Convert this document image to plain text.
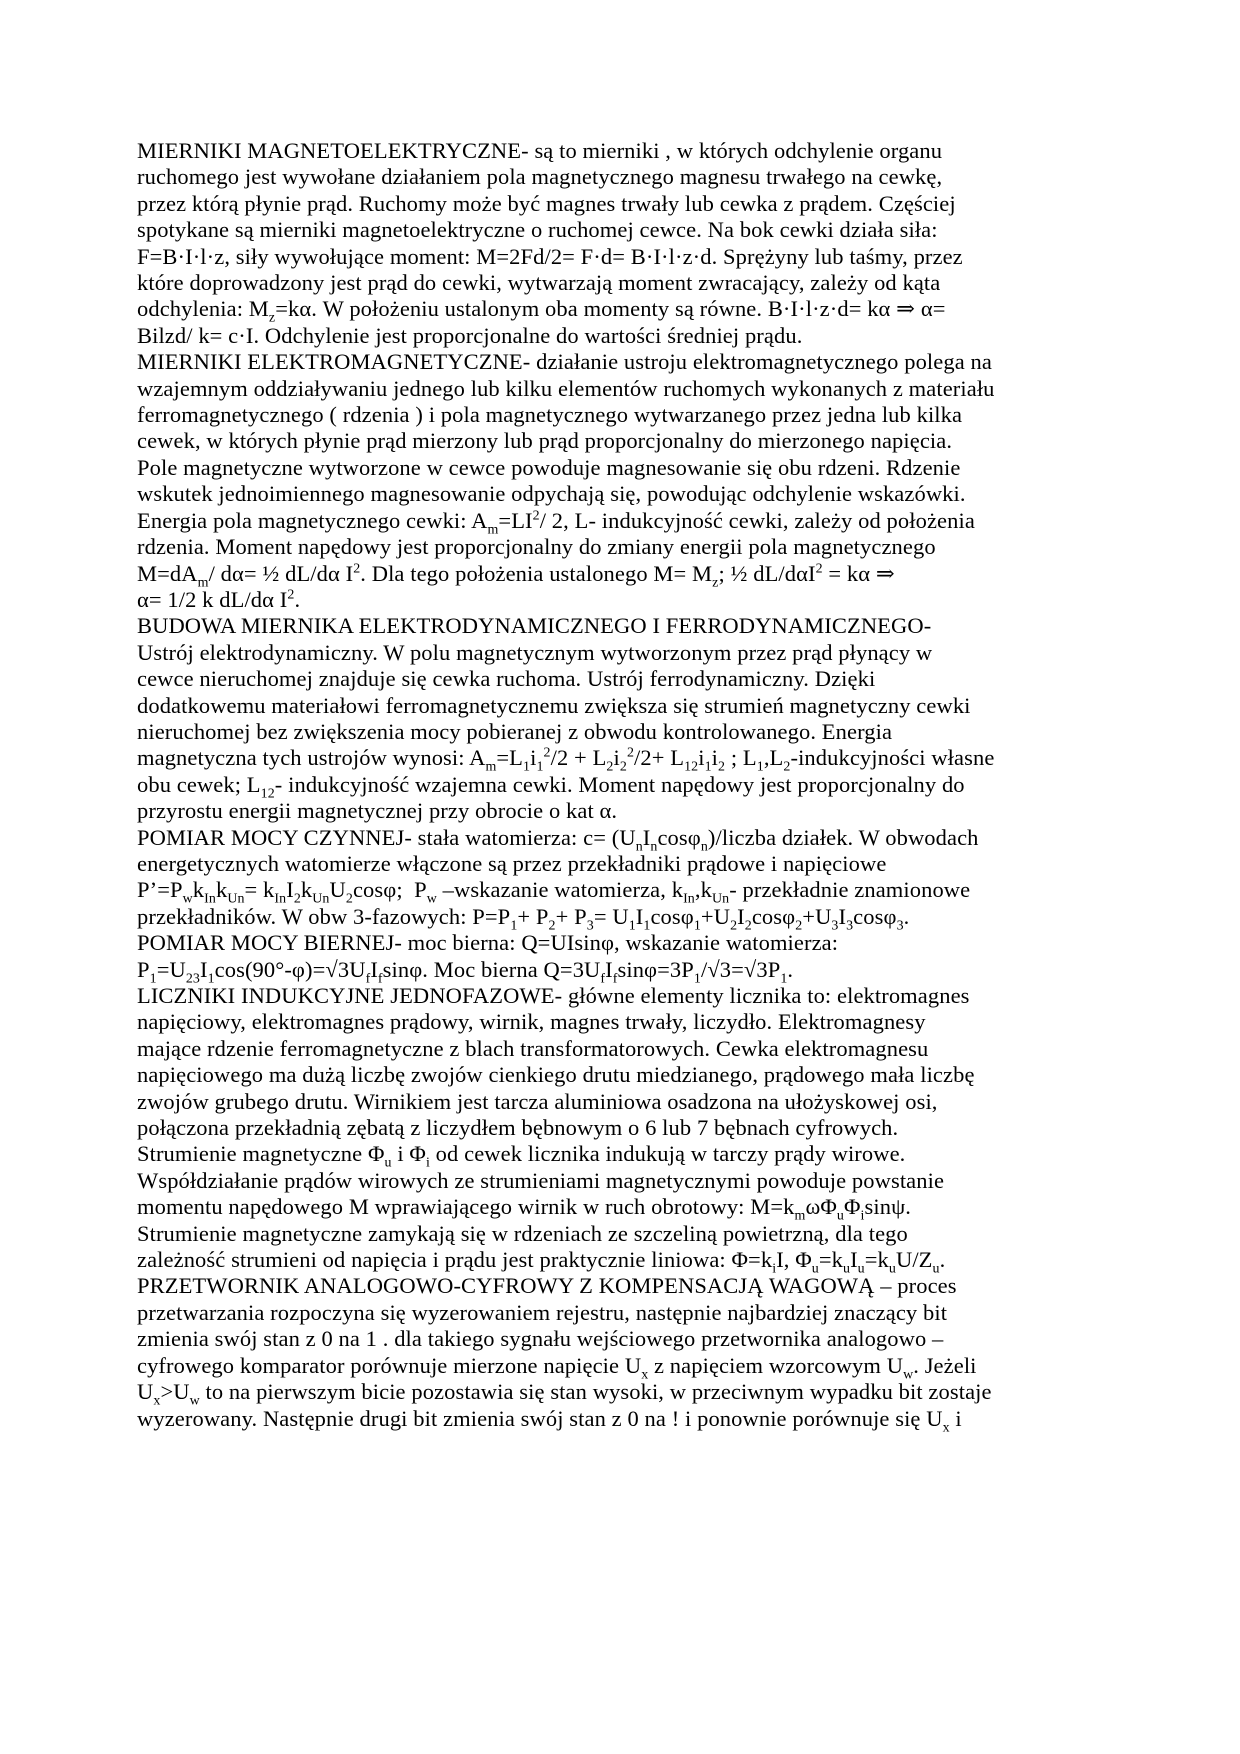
MIERNIKI MAGNETOELEKTRYCZNE- są to mierniki , w których odchylenie organu
ruchomego jest wywołane działaniem pola magnetycznego magnesu trwałego na cewkę,
przez którą płynie prąd. Ruchomy może być magnes trwały lub cewka z prądem. Częściej
spotykane są mierniki magnetoelektryczne o ruchomej cewce. Na bok cewki działa siła:
F=B·I·l·z, siły wywołujące moment: M=2Fd/2= F·d= B·I·l·z·d. Sprężyny lub taśmy, przez
które doprowadzony jest prąd do cewki, wytwarzają moment zwracający, zależy od kąta
odchylenia: $M_z=k\alpha$. W położeniu ustalonym oba momenty są równe. B·I·l·z·d= kα ⇒ α=
Bilzd/ k= c·I. Odchylenie jest proporcjonalne do wartości średniej prądu.
MIERNIKI ELEKTROMAGNETYCZNE- działanie ustroju elektromagnetycznego polega na
wzajemnym oddziaływaniu jednego lub kilku elementów ruchomych wykonanych z materiału
ferromagnetycznego ( rdzenia ) i pola magnetycznego wytwarzanego przez jedna lub kilka
cewek, w których płynie prąd mierzony lub prąd proporcjonalny do mierzonego napięcia.
Pole magnetyczne wytworzone w cewce powoduje magnesowanie się obu rdzeni. Rdzenie
wskutek jednoimiennego magnesowanie odpychają się, powodując odchylenie wskazówki.
Energia pola magnetycznego cewki: $A_m=LI^2/$ 2, L- indukcyjność cewki, zależy od położenia
rdzenia. Moment napędowy jest proporcjonalny do zmiany energii pola magnetycznego
$M=dA_m/$ dα= ½ dL/dα $I^2$. Dla tego położenia ustalonego $M= M_z$; ½ dL/dαI$^2$ = kα ⇒
α= 1/2 k dL/dα $I^2$.
BUDOWA MIERNIKA ELEKTRODYNAMICZNEGO I FERRODYNAMICZNEGO-
Ustrój elektrodynamiczny. W polu magnetycznym wytworzonym przez prąd płynący w
cewce nieruchomej znajduje się cewka ruchoma. Ustrój ferrodynamiczny. Dzięki
dodatkowemu materiałowi ferromagnetycznemu zwiększa się strumień magnetyczny cewki
nieruchomej bez zwiększenia mocy pobieranej z obwodu kontrolowanego. Energia
magnetyczna tych ustrojów wynosi: $A_m=L_1i_1^2/2 + L_2i_2^2/2+ L_{12}i_1i_2$ ; $L_1,L_2$-indukcyjności własne
obu cewek; $L_{12}-$ indukcyjność wzajemna cewki. Moment napędowy jest proporcjonalny do
przyrostu energii magnetycznej przy obrocie o kat α.
POMIAR MOCY CZYNNEJ- stała watomierza: $c= (U_nI_n\cos\varphi_n)$/liczba działek. W obwodach
energetycznych watomierze włączone są przez przekładniki prądowe i napięciowe
$P’=P_wk_{In}k_{Un}= k_{In}I_2k_{Un}U_2\cos\varphi$;  $P_w$ –wskazanie watomierza, $k_{In},k_{Un}-$ przekładnie znamionowe
przekładników. W obw 3-fazowych: $P=P_1+ P_2+ P_3= U_1I_1\cos\varphi_1+U_2I_2\cos\varphi_2+U_3I_3\cos\varphi_3$.
POMIAR MOCY BIERNEJ- moc bierna: Q=UIsinφ, wskazanie watomierza:
$P_1=U_{23}I_1\cos(90^\circ-\varphi)=√3U_fI_f\sin\varphi$. Moc bierna $Q=3U_fI_f\sin\varphi=3P_1/√3=√3P_1$.
LICZNIKI INDUKCYJNE JEDNOFAZOWE- główne elementy licznika to: elektromagnes
napięciowy, elektromagnes prądowy, wirnik, magnes trwały, liczydło. Elektromagnesy
mające rdzenie ferromagnetyczne z blach transformatorowych. Cewka elektromagnesu
napięciowego ma dużą liczbę zwojów cienkiego drutu miedzianego, prądowego mała liczbę
zwojów grubego drutu. Wirnikiem jest tarcza aluminiowa osadzona na ułożyskowej osi,
połączona przekładnią zębatą z liczydłem bębnowym o 6 lub 7 bębnach cyfrowych.
Strumienie magnetyczne $\Phi_u$ i $\Phi_i$ od cewek licznika indukują w tarczy prądy wirowe.
Współdziałanie prądów wirowych ze strumieniami magnetycznymi powoduje powstanie
momentu napędowego M wprawiającego wirnik w ruch obrotowy: $M=k_m\omega\Phi_u\Phi_i\sin\psi$.
Strumienie magnetyczne zamykają się w rdzeniach ze szczeliną powietrzną, dla tego
zależność strumieni od napięcia i prądu jest praktycznie liniowa: $\Phi=k_iI$, $\Phi_u=k_uI_u=k_uU/Z_u$.
PRZETWORNIK ANALOGOWO-CYFROWY Z KOMPENSACJĄ WAGOWĄ – proces
przetwarzania rozpoczyna się wyzerowaniem rejestru, następnie najbardziej znaczący bit
zmienia swój stan z 0 na 1 . dla takiego sygnału wejściowego przetwornika analogowo –
cyfrowego komparator porównuje mierzone napięcie $U_x$ z napięciem wzorcowym $U_w$. Jeżeli
$U_x>U_w$ to na pierwszym bicie pozostawia się stan wysoki, w przeciwnym wypadku bit zostaje
wyzerowany. Następnie drugi bit zmienia swój stan z 0 na ! i ponownie porównuje się $U_x$ i
